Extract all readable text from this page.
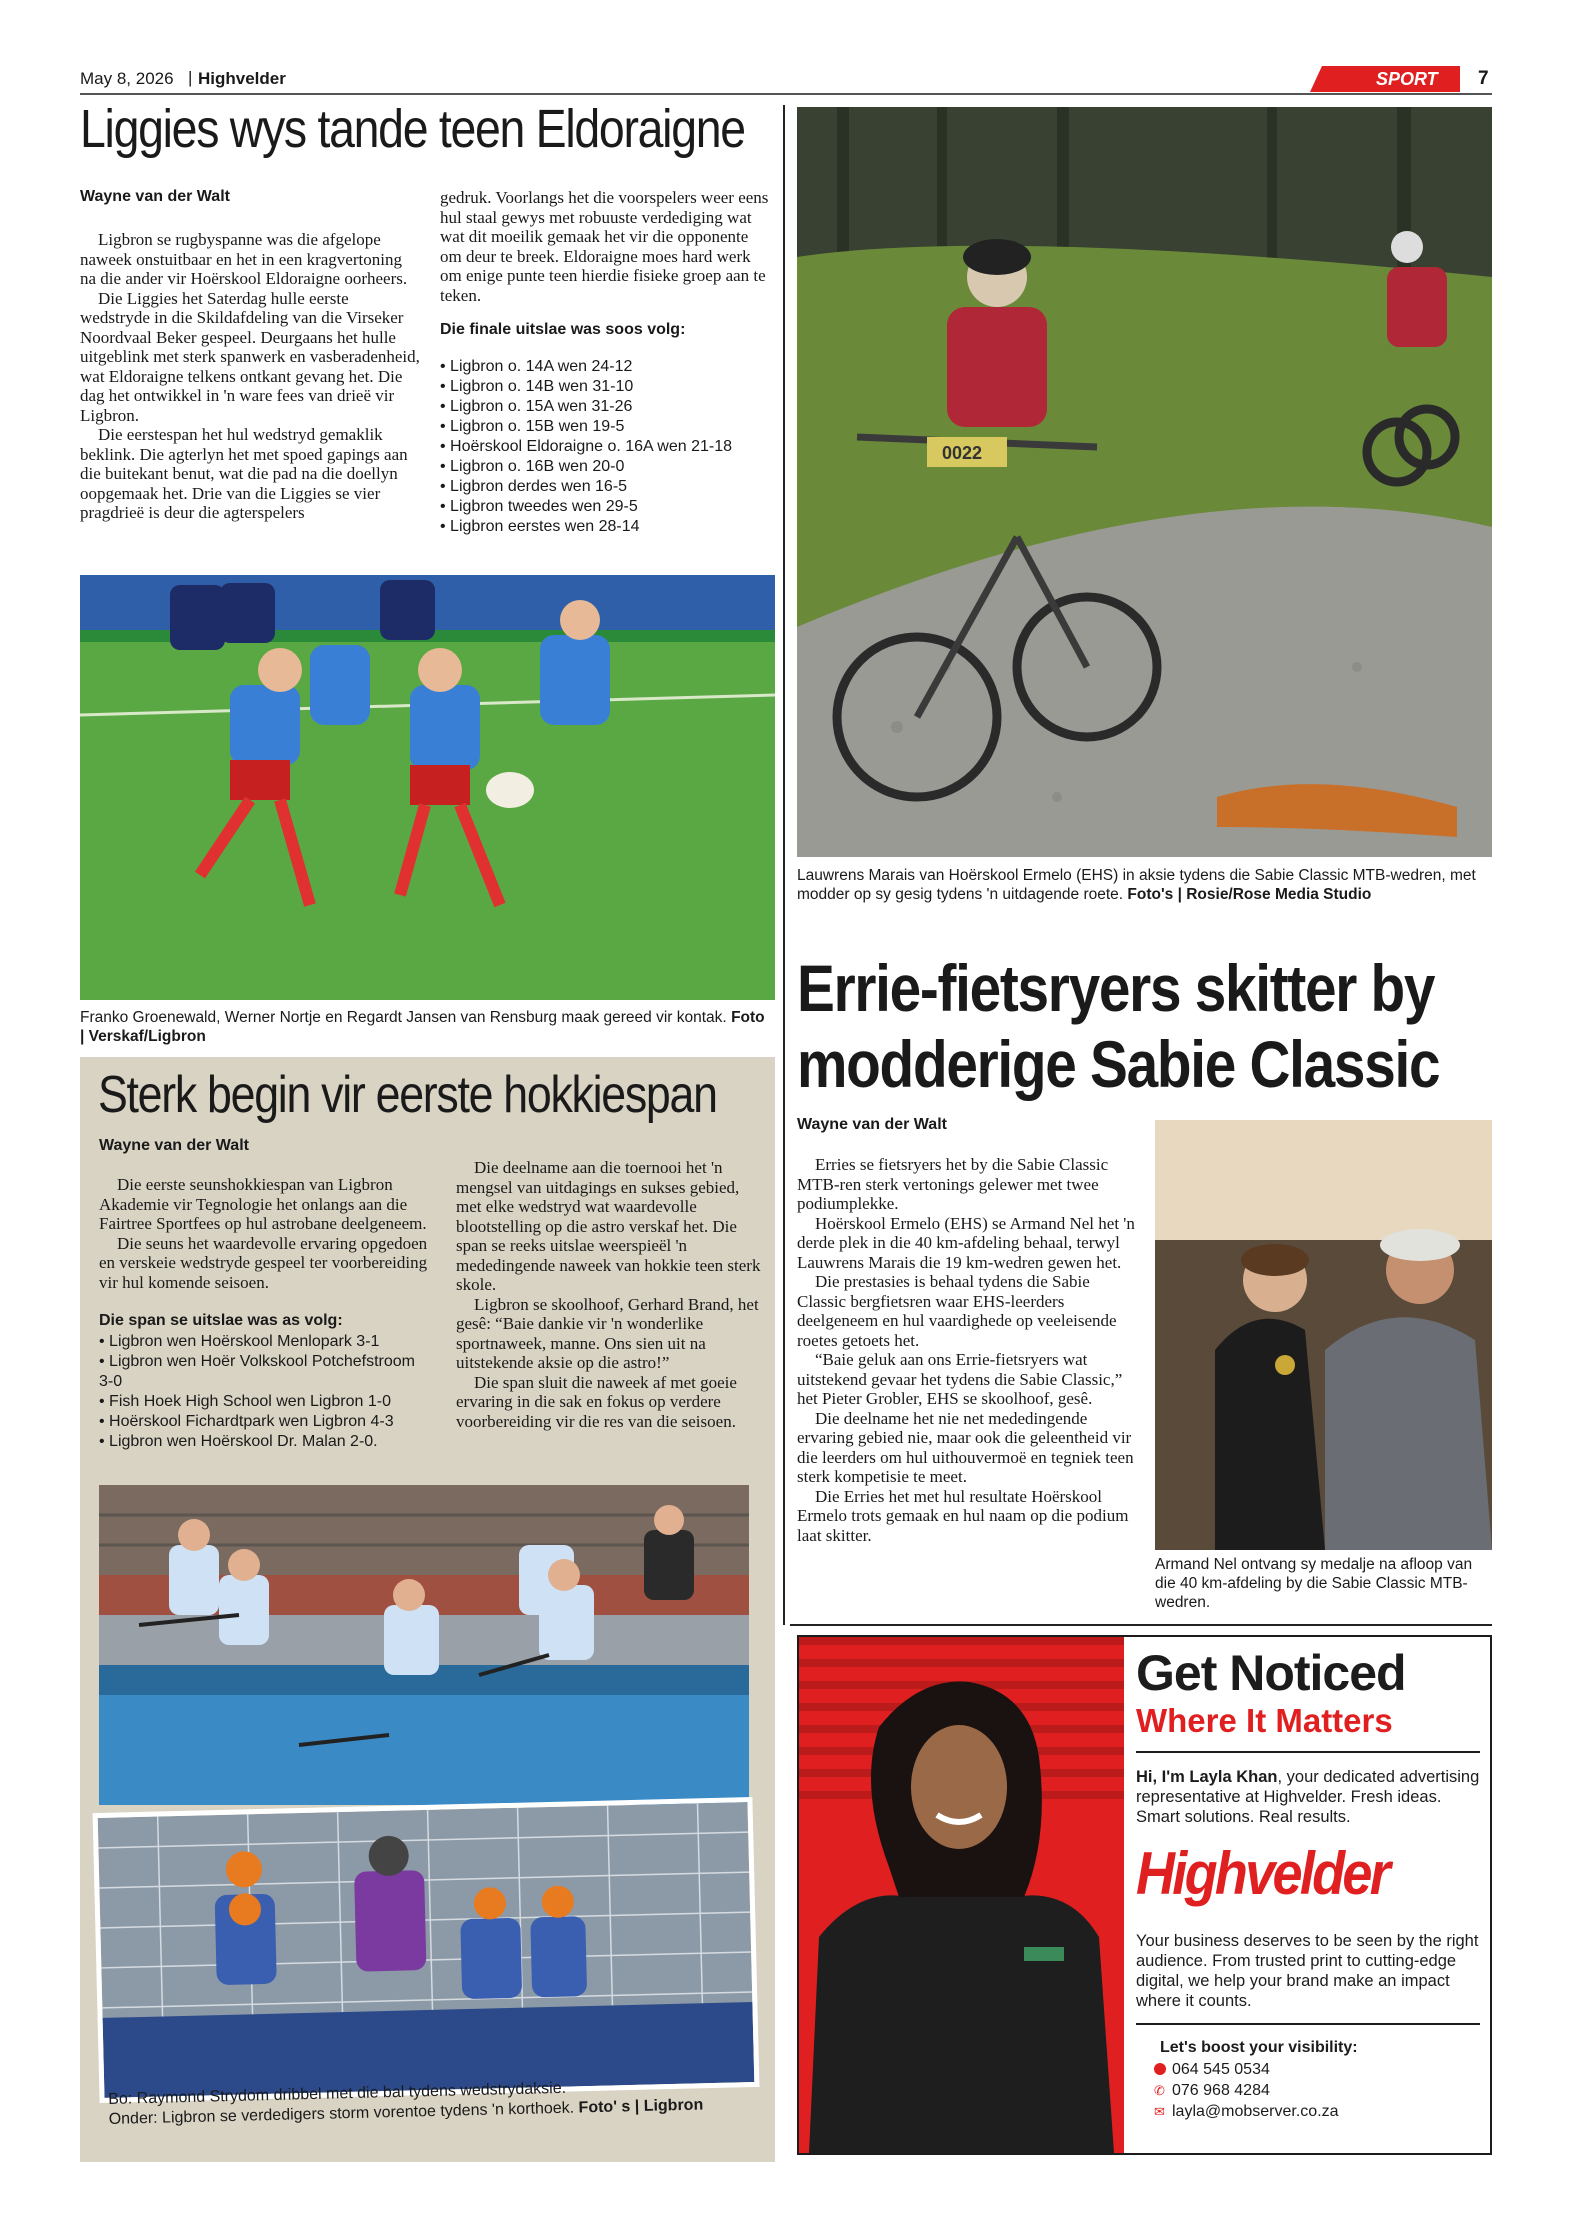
May 8, 2026 | Highvelder	SPORT 7
Liggies wys tande teen Eldoraigne
Wayne van der Walt

Ligbron se rugbyspanne was die afgelope naweek onstuitbaar en het in een kragvertoning na die ander vir Hoërskool Eldoraigne oorheers.

Die Liggies het Saterdag hulle eerste wedstryde in die Skildafdeling van die Virseker Noordvaal Beker gespeel. Deurgaans het hulle uitgeblink met sterk spanwerk en vasberadenheid, wat Eldoraigne telkens ontkant gevang het. Die dag het ontwikkel in 'n ware fees van drieë vir Ligbron.

Die eerstespan het hul wedstryd gemaklik beklink. Die agterlyn het met spoed gapings aan die buitekant benut, wat die pad na die doellyn oopgemaak het. Drie van die Liggies se vier pragdrieë is deur die agterspelers

gedruk. Voorlangs het die voorspelers weer eens hul staal gewys met robuuste verdediging wat wat dit moeilik gemaak het vir die opponente om deur te breek. Eldoraigne moes hard werk om enige punte teen hierdie fisieke groep aan te teken.

Die finale uitslae was soos volg:
• Ligbron o. 14A wen 24-12
• Ligbron o. 14B wen 31-10
• Ligbron o. 15A wen 31-26
• Ligbron o. 15B wen 19-5
• Hoërskool Eldoraigne o. 16A wen 21-18
• Ligbron o. 16B wen 20-0
• Ligbron derdes wen 16-5
• Ligbron tweedes wen 29-5
• Ligbron eerstes wen 28-14
Franko Groenewald, Werner Nortje en Regardt Jansen van Rensburg maak gereed vir kontak. Foto | Verskaf/Ligbron
Sterk begin vir eerste hokkiespan
Wayne van der Walt

Die eerste seunshokkiespan van Ligbron Akademie vir Tegnologie het onlangs aan die Fairtree Sportfees op hul astrobane deelgeneem.

Die seuns het waardevolle ervaring opgedoen en verskeie wedstryde gespeel ter voorbereiding vir hul komende seisoen.

Die span se uitslae was as volg:
• Ligbron wen Hoërskool Menlopark 3-1
• Ligbron wen Hoër Volkskool Potchefstroom 3-0
• Fish Hoek High School wen Ligbron 1-0
• Hoërskool Fichardtpark wen Ligbron 4-3
• Ligbron wen Hoërskool Dr. Malan 2-0.

Die deelname aan die toernooi het 'n mengsel van uitdagings en sukses gebied, met elke wedstryd wat waardevolle blootstelling op die astro verskaf het. Die span se reeks uitslae weerspieël 'n mededingende naweek van hokkie teen sterk skole.

Ligbron se skoolhoof, Gerhard Brand, het gesê: “Baie dankie vir 'n wonderlike sportnaweek, manne. Ons sien uit na uitstekende aksie op die astro!”

Die span sluit die naweek af met goeie ervaring in die sak en fokus op verdere voorbereiding vir die res van die seisoen.

Bo: Raymond Strydom dribbel met die bal tydens wedstrydaksie.
Onder: Ligbron se verdedigers storm vorentoe tydens 'n korthoek. Foto' s | Ligbron
0022
Lauwrens Marais van Hoërskool Ermelo (EHS) in aksie tydens die Sabie Classic MTB-wedren, met modder op sy gesig tydens 'n uitdagende roete. Foto's | Rosie/Rose Media Studio
Errie-fietsryers skitter by modderige Sabie Classic
Wayne van der Walt

Erries se fietsryers het by die Sabie Classic MTB-ren sterk vertonings gelewer met twee podiumplekke.

Hoërskool Ermelo (EHS) se Armand Nel het 'n derde plek in die 40 km-afdeling behaal, terwyl Lauwrens Marais die 19 km-wedren gewen het.

Die prestasies is behaal tydens die Sabie Classic bergfietsren waar EHS-leerders deelgeneem en hul vaardighede op veeleisende roetes getoets het.

“Baie geluk aan ons Errie-fietsryers wat uitstekend gevaar het tydens die Sabie Classic,” het Pieter Grobler, EHS se skoolhoof, gesê.

Die deelname het nie net mededingende ervaring gebied nie, maar ook die geleentheid vir die leerders om hul uithouvermoë en tegniek teen sterk kompetisie te meet.

Die Erries het met hul resultate Hoërskool Ermelo trots gemaak en hul naam op die podium laat skitter.

Armand Nel ontvang sy medalje na afloop van die 40 km-afdeling by die Sabie Classic MTB-wedren.
Get Noticed
Where It Matters
Hi, I'm Layla Khan, your dedicated advertising representative at Highvelder. Fresh ideas. Smart solutions. Real results.
Highvelder
Your business deserves to be seen by the right audience. From trusted print to cutting-edge digital, we help your brand make an impact where it counts.
Let's boost your visibility:
064 545 0534
✆ 076 968 4284
✉ layla@mobserver.co.za
